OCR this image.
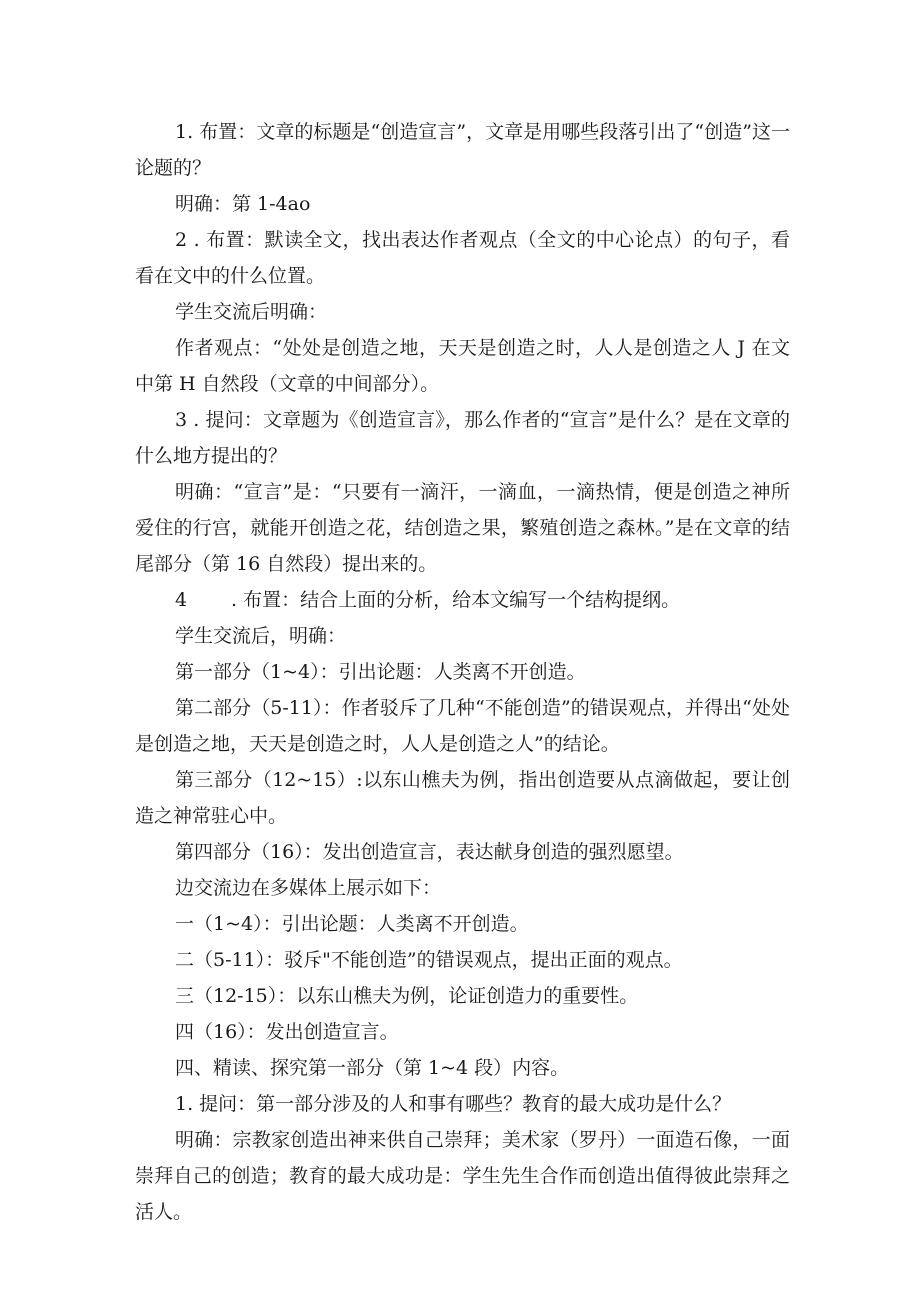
1. 布置：文章的标题是“创造宣言”，文章是用哪些段落引出了“创造”这一论题的？

明确：第 1-4ao

2 . 布置：默读全文，找出表达作者观点（全文的中心论点）的句子，看看在文中的什么位置。

学生交流后明确：

作者观点：“处处是创造之地，天天是创造之时，人人是创造之人 J 在文中第 H 自然段（文章的中间部分）。

3 . 提问：文章题为《创造宣言》，那么作者的“宣言”是什么？是在文章的什么地方提出的？

明确：“宣言”是：“只要有一滴汗，一滴血，一滴热情，便是创造之神所爱住的行宫，就能开创造之花，结创造之果，繁殖创造之森林。”是在文章的结尾部分（第 16 自然段）提出来的。

4 . 布置：结合上面的分析，给本文编写一个结构提纲。

学生交流后，明确：

第一部分（1~4）：引出论题：人类离不开创造。

第二部分（5-11）：作者驳斥了几种“不能创造”的错误观点，并得出“处处是创造之地，天天是创造之时，人人是创造之人”的结论。

第三部分（12~15）:以东山樵夫为例，指出创造要从点滴做起，要让创造之神常驻心中。

第四部分（16）：发出创造宣言，表达献身创造的强烈愿望。

边交流边在多媒体上展示如下：

一（1~4）：引出论题：人类离不开创造。

二（5-11）：驳斥"不能创造”的错误观点，提出正面的观点。

三（12-15）：以东山樵夫为例，论证创造力的重要性。

四（16）：发出创造宣言。

四、精读、探究第一部分（第 1~4 段）内容。

1. 提问：第一部分涉及的人和事有哪些？教育的最大成功是什么？

明确：宗教家创造出神来供自己崇拜；美术家（罗丹）一面造石像，一面崇拜自己的创造；教育的最大成功是：学生先生合作而创造出值得彼此崇拜之活人。
